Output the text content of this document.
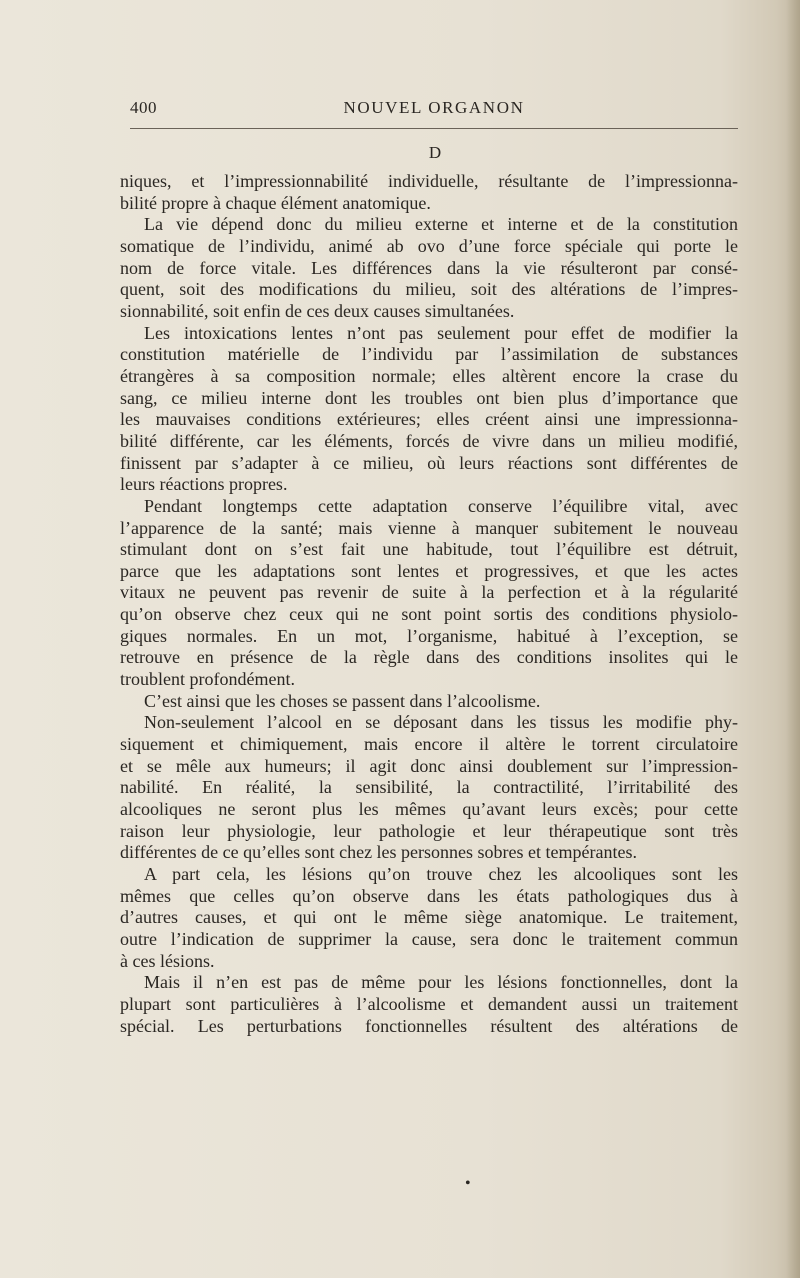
400	NOUVEL ORGANON
D
niques, et l’impressionnabilité individuelle, résultante de l’impressionna-
bilité propre à chaque élément anatomique.
La vie dépend donc du milieu externe et interne et de la constitution
somatique de l’individu, animé ab ovo d’une force spéciale qui porte le
nom de force vitale. Les différences dans la vie résulteront par consé-
quent, soit des modifications du milieu, soit des altérations de l’impres-
sionnabilité, soit enfin de ces deux causes simultanées.
Les intoxications lentes n’ont pas seulement pour effet de modifier la
constitution matérielle de l’individu par l’assimilation de substances
étrangères à sa composition normale; elles altèrent encore la crase du
sang, ce milieu interne dont les troubles ont bien plus d’importance que
les mauvaises conditions extérieures; elles créent ainsi une impressionna-
bilité différente, car les éléments, forcés de vivre dans un milieu modifié,
finissent par s’adapter à ce milieu, où leurs réactions sont différentes de
leurs réactions propres.
Pendant longtemps cette adaptation conserve l’équilibre vital, avec
l’apparence de la santé; mais vienne à manquer subitement le nouveau
stimulant dont on s’est fait une habitude, tout l’équilibre est détruit,
parce que les adaptations sont lentes et progressives, et que les actes
vitaux ne peuvent pas revenir de suite à la perfection et à la régularité
qu’on observe chez ceux qui ne sont point sortis des conditions physiolo-
giques normales. En un mot, l’organisme, habitué à l’exception, se
retrouve en présence de la règle dans des conditions insolites qui le
troublent profondément.
C’est ainsi que les choses se passent dans l’alcoolisme.
Non-seulement l’alcool en se déposant dans les tissus les modifie phy-
siquement et chimiquement, mais encore il altère le torrent circulatoire
et se mêle aux humeurs; il agit donc ainsi doublement sur l’impression-
nabilité. En réalité, la sensibilité, la contractilité, l’irritabilité des
alcooliques ne seront plus les mêmes qu’avant leurs excès; pour cette
raison leur physiologie, leur pathologie et leur thérapeutique sont très
différentes de ce qu’elles sont chez les personnes sobres et tempérantes.
A part cela, les lésions qu’on trouve chez les alcooliques sont les
mêmes que celles qu’on observe dans les états pathologiques dus à
d’autres causes, et qui ont le même siège anatomique. Le traitement,
outre l’indication de supprimer la cause, sera donc le traitement commun
à ces lésions.
Mais il n’en est pas de même pour les lésions fonctionnelles, dont la
plupart sont particulières à l’alcoolisme et demandent aussi un traitement
spécial. Les perturbations fonctionnelles résultent des altérations de
•
